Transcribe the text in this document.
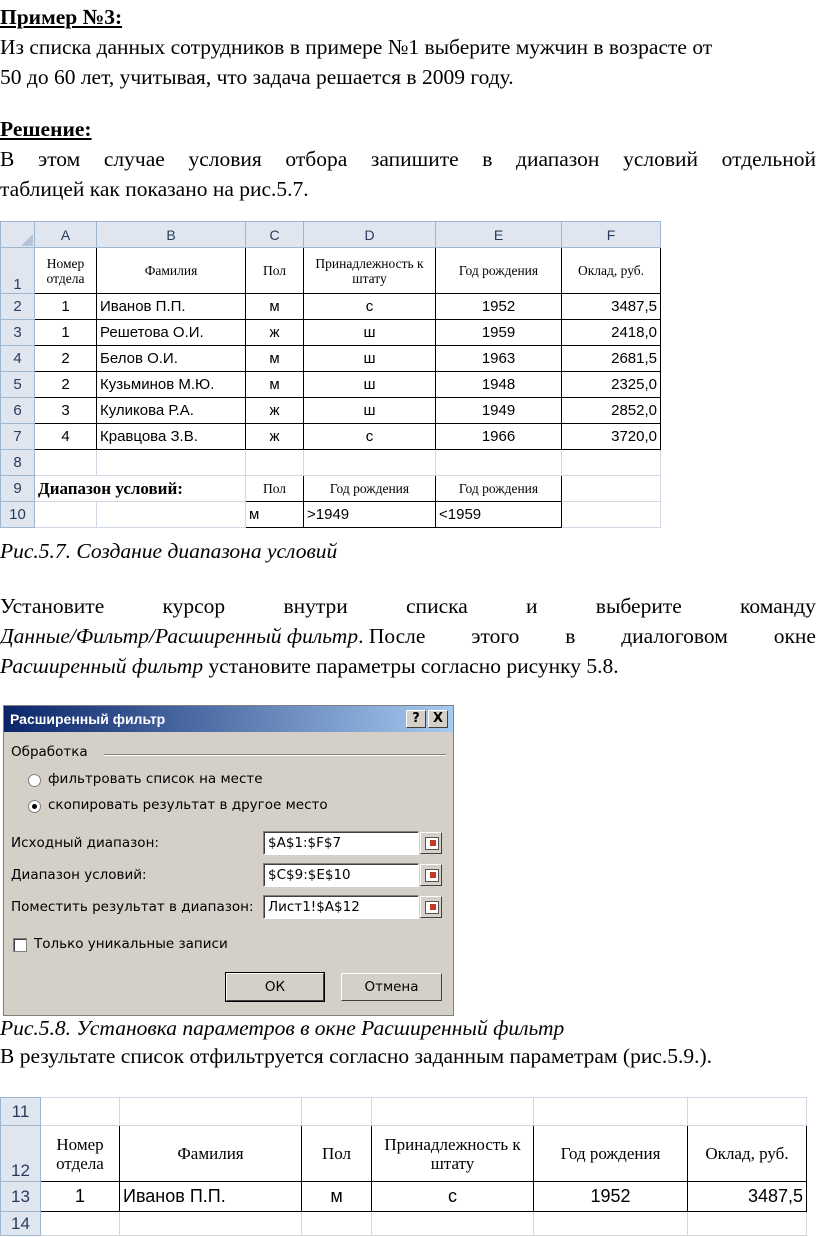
Пример №3:
Из списка данных сотрудников в примере №1 выберите мужчин в возрасте от
50 до 60 лет, учитывая, что задача решается в 2009 году.
Решение:
В этом случае условия отбора запишите в диапазон условий отдельной
таблицей как показано на рис.5.7.
	A	B	C	D	E	F
1	Номер отдела	Фамилия	Пол	Принадлежность к штату	Год рождения	Оклад, руб.
2	1	Иванов П.П.	м	с	1952	3487,5
3	1	Решетова О.И.	ж	ш	1959	2418,0
4	2	Белов О.И.	м	ш	1963	2681,5
5	2	Кузьминов М.Ю.	м	ш	1948	2325,0
6	3	Куликова Р.А.	ж	ш	1949	2852,0
7	4	Кравцова З.В.	ж	с	1966	3720,0
8						
9	Диапазон условий:		Пол	Год рождения	Год рождения	
10			м	>1949	<1959	
Рис.5.7. Создание диапазона условий
Установите	курсор	внутри	списка	и	выберите	команду
Данные/Фильтр/Расширенный фильтр. После этого в диалоговом окне
Расширенный фильтр установите параметры согласно рисунку 5.8.
Расширенный фильтр	?	X
Обработка
фильтровать список на месте
скопировать результат в другое место
Исходный диапазон:	$A$1:$F$7
Диапазон условий:	$C$9:$E$10
Поместить результат в диапазон:	Лист1!$A$12
Только уникальные записи
ОК	Отмена
Рис.5.8. Установка параметров в окне Расширенный фильтр
В результате список отфильтруется согласно заданным параметрам (рис.5.9.).
11						
12	Номер отдела	Фамилия	Пол	Принадлежность к штату	Год рождения	Оклад, руб.
13	1	Иванов П.П.	м	с	1952	3487,5
14						
